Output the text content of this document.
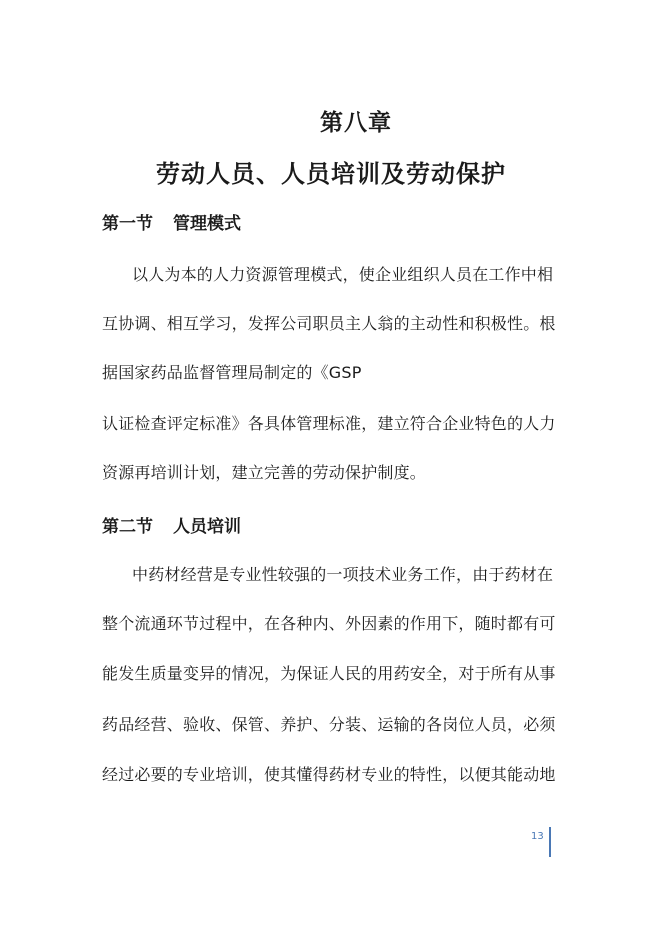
第八章
劳动人员、人员培训及劳动保护
第一节 管理模式
以人为本的人力资源管理模式，使企业组织人员在工作中相
互协调、相互学习，发挥公司职员主人翁的主动性和积极性。根
据国家药品监督管理局制定的《GSP
认证检查评定标准》各具体管理标准，建立符合企业特色的人力
资源再培训计划，建立完善的劳动保护制度。
第二节 人员培训
中药材经营是专业性较强的一项技术业务工作，由于药材在
整个流通环节过程中，在各种内、外因素的作用下，随时都有可
能发生质量变异的情况，为保证人民的用药安全，对于所有从事
药品经营、验收、保管、养护、分装、运输的各岗位人员，必须
经过必要的专业培训，使其懂得药材专业的特性，以便其能动地
13
